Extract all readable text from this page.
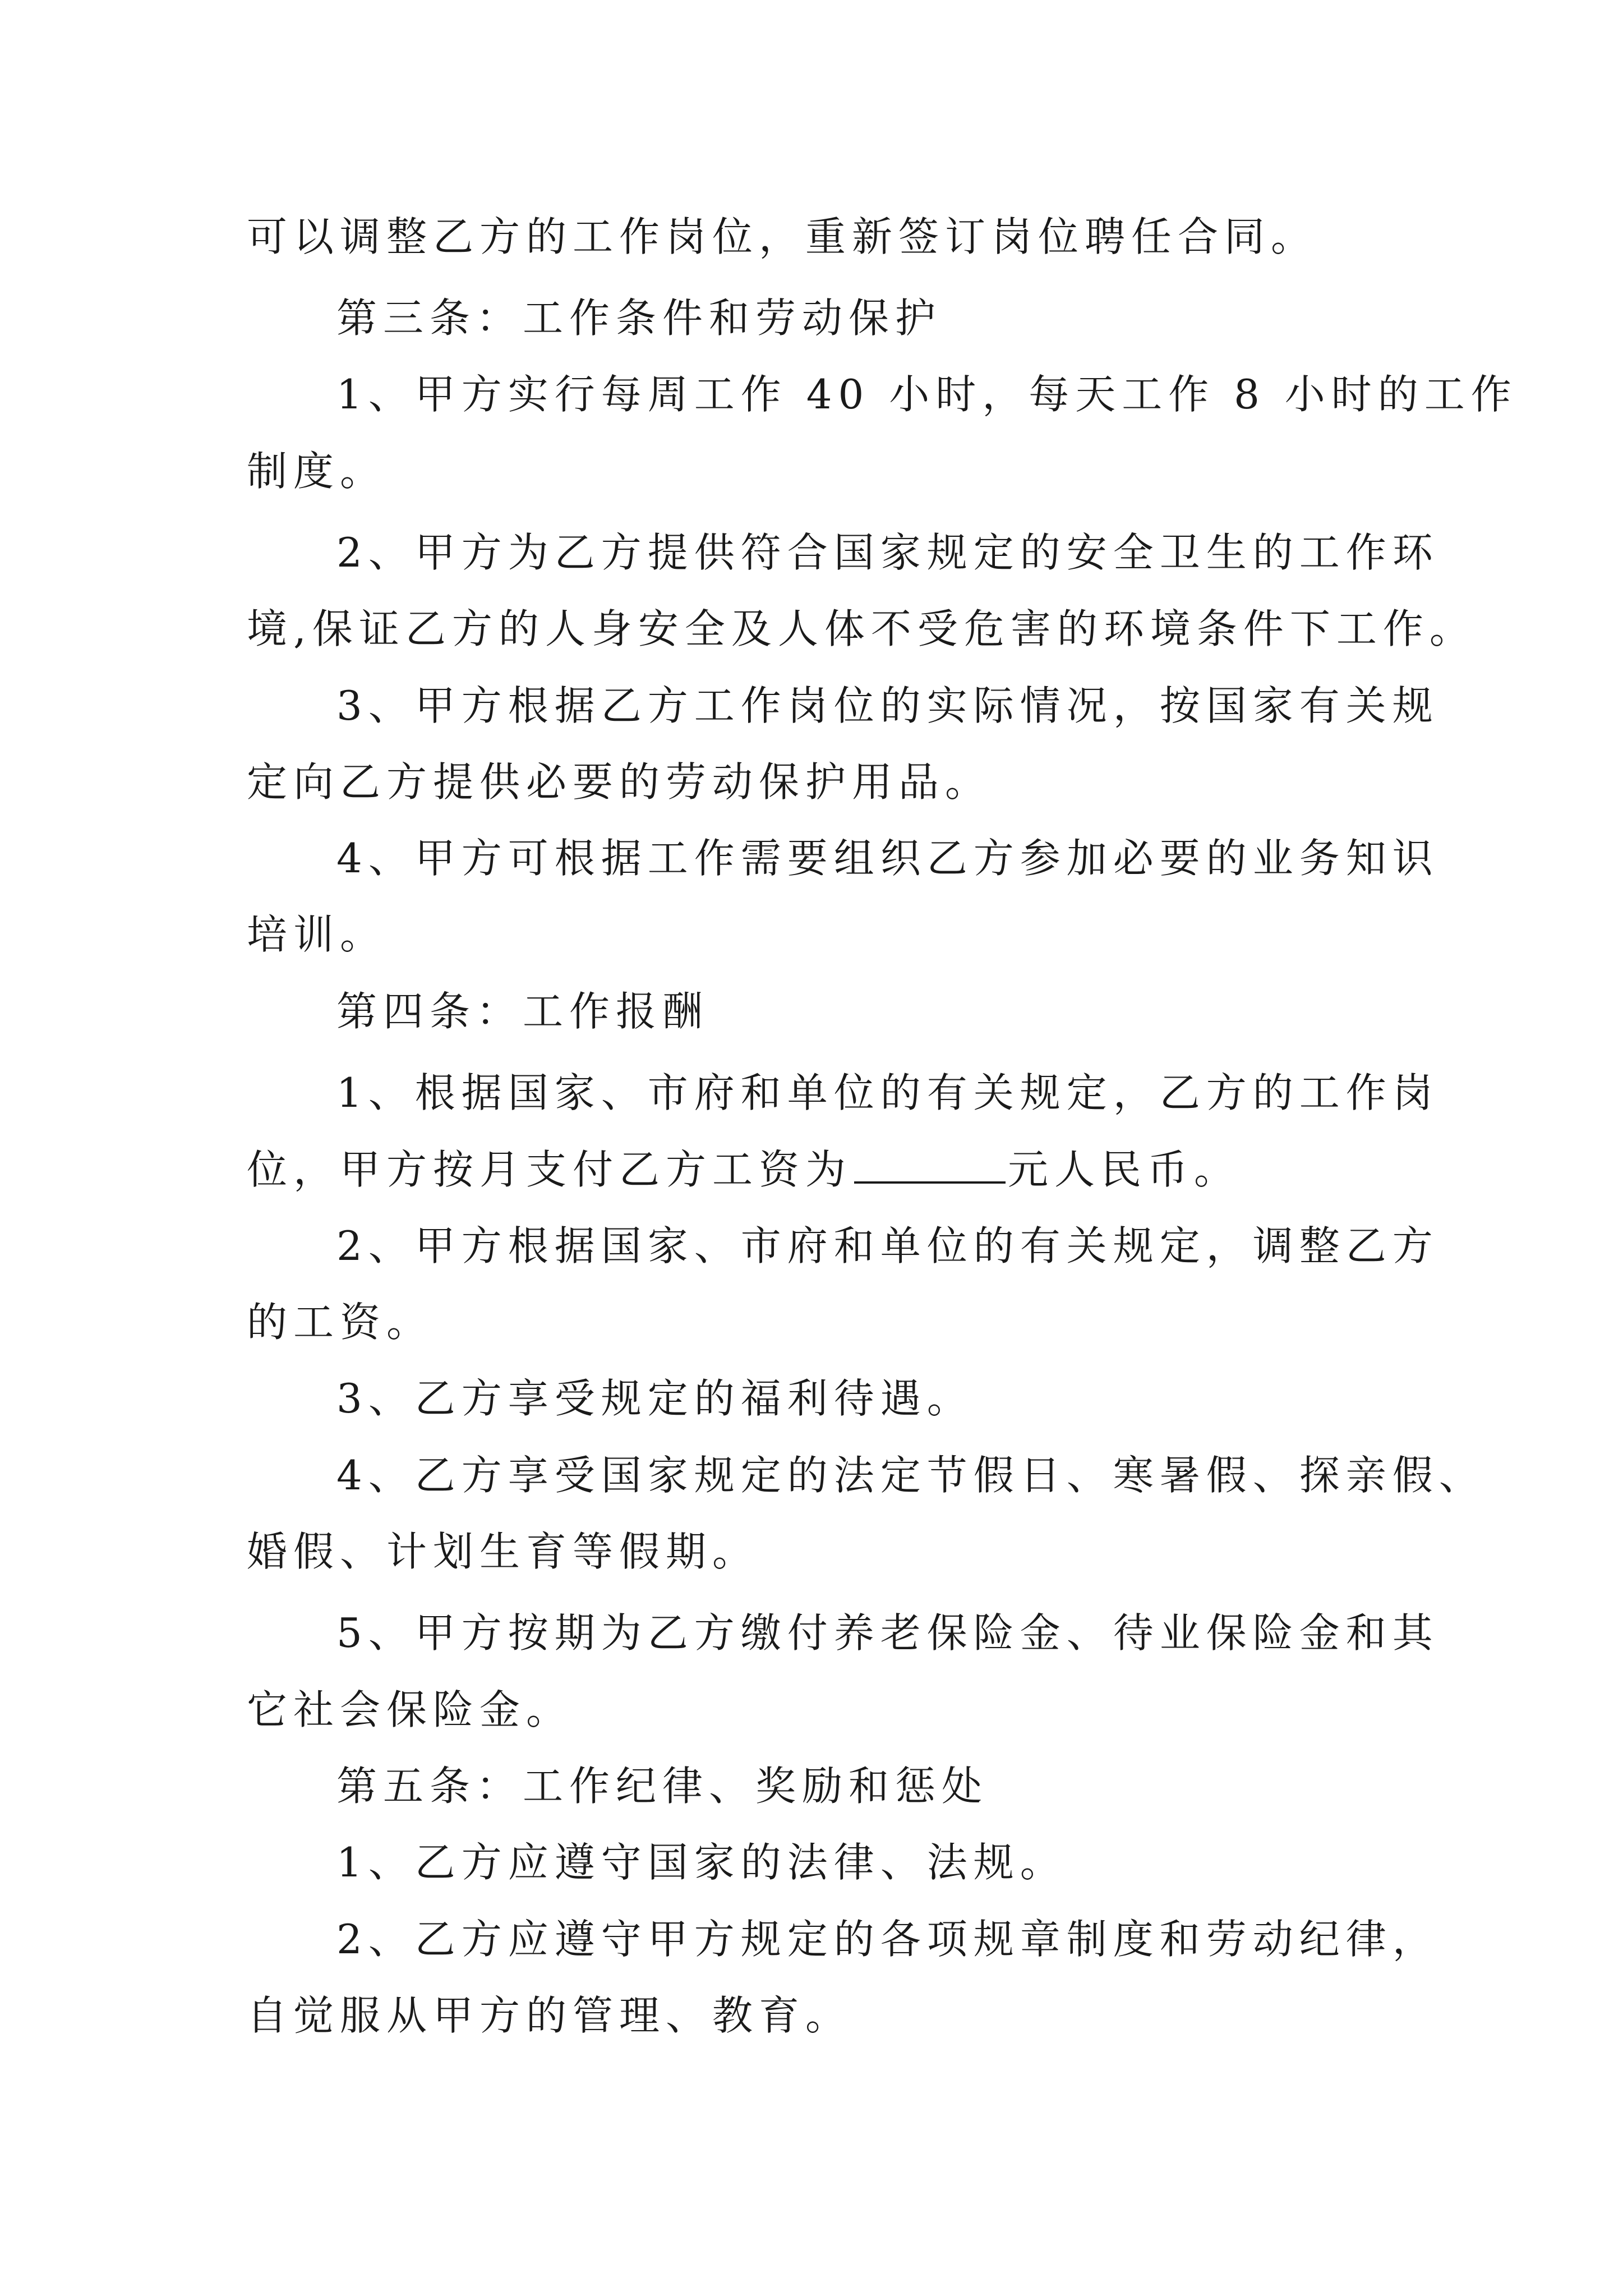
可以调整乙方的工作岗位，重新签订岗位聘任合同。

第三条：工作条件和劳动保护

1、甲方实行每周工作 40 小时，每天工作 8 小时的工作

制度。

2、甲方为乙方提供符合国家规定的安全卫生的工作环

境,保证乙方的人身安全及人体不受危害的环境条件下工作。

3、甲方根据乙方工作岗位的实际情况，按国家有关规

定向乙方提供必要的劳动保护用品。

4、甲方可根据工作需要组织乙方参加必要的业务知识

培训。

第四条：工作报酬

1、根据国家、市府和单位的有关规定，乙方的工作岗

位，甲方按月支付乙方工资为	元人民币。

2、甲方根据国家、市府和单位的有关规定，调整乙方

的工资。

3、乙方享受规定的福利待遇。

4、乙方享受国家规定的法定节假日、寒暑假、探亲假、

婚假、计划生育等假期。

5、甲方按期为乙方缴付养老保险金、待业保险金和其

它社会保险金。

第五条：工作纪律、奖励和惩处

1、乙方应遵守国家的法律、法规。

2、乙方应遵守甲方规定的各项规章制度和劳动纪律，

自觉服从甲方的管理、教育。
